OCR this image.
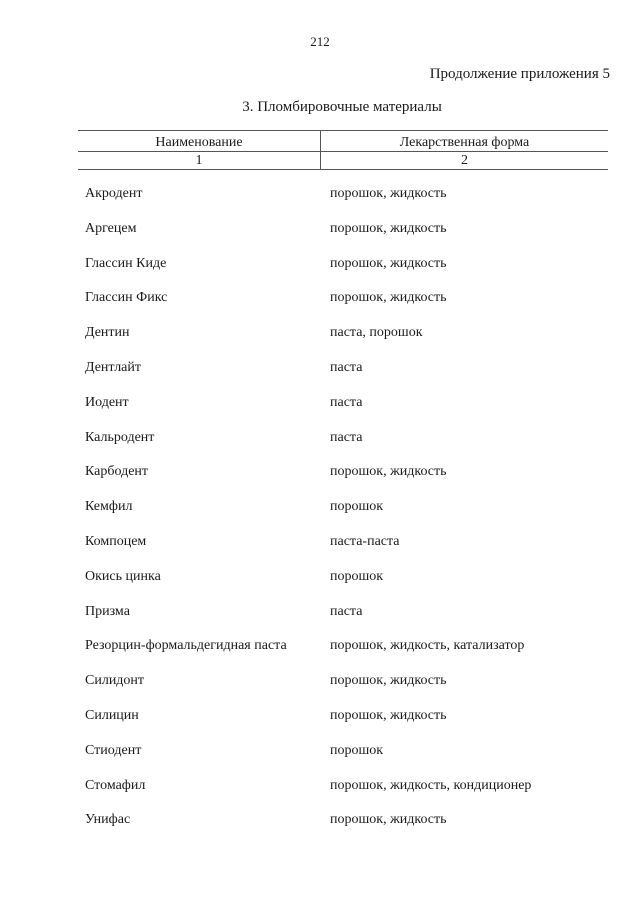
212
Продолжение приложения 5
3. Пломбировочные материалы
Наименование	Лекарственная форма
1	2
Акродент	порошок, жидкость
Аргецем	порошок, жидкость
Глассин Киде	порошок, жидкость
Глассин Фикс	порошок, жидкость
Дентин	паста, порошок
Дентлайт	паста
Иодент	паста
Кальродент	паста
Карбодент	порошок, жидкость
Кемфил	порошок
Компоцем	паста-паста
Окись цинка	порошок
Призма	паста
Резорцин-формальдегидная паста	порошок, жидкость, катализатор
Силидонт	порошок, жидкость
Силицин	порошок, жидкость
Стиодент	порошок
Стомафил	порошок, жидкость, кондиционер
Унифас	порошок, жидкость
